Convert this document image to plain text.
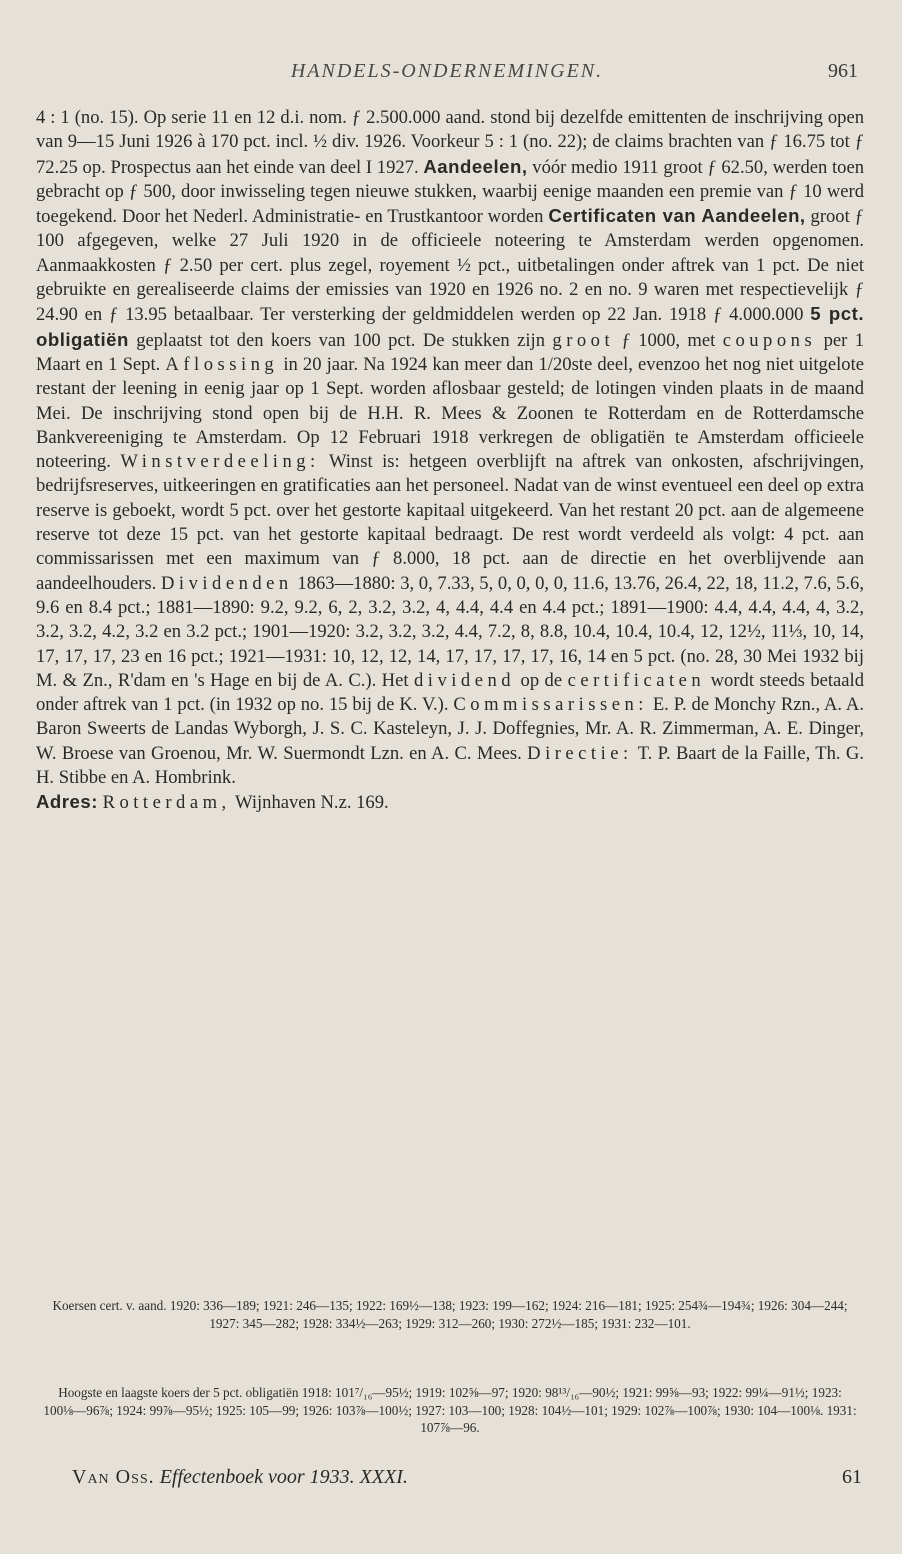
HANDELS-ONDERNEMINGEN.	961

4 : 1 (no. 15). Op serie 11 en 12 d.i. nom. ƒ 2.500.000 aand. stond bij dezelfde emittenten de inschrijving open van 9—15 Juni 1926 à 170 pct. incl. ½ div. 1926. Voorkeur 5 : 1 (no. 22); de claims brachten van ƒ 16.75 tot ƒ 72.25 op. Prospectus aan het einde van deel I 1927. Aandeelen, vóór medio 1911 groot ƒ 62.50, werden toen gebracht op ƒ 500, door inwisseling tegen nieuwe stukken, waarbij eenige maanden een premie van ƒ 10 werd toegekend. Door het Nederl. Administratie- en Trustkantoor worden Certificaten van Aandeelen, groot ƒ 100 afgegeven, welke 27 Juli 1920 in de officieele noteering te Amsterdam werden opgenomen. Aanmaakkosten ƒ 2.50 per cert. plus zegel, royement ½ pct., uitbetalingen onder aftrek van 1 pct. De niet gebruikte en gerealiseerde claims der emissies van 1920 en 1926 no. 2 en no. 9 waren met respectievelijk ƒ 24.90 en ƒ 13.95 betaalbaar. Ter versterking der geldmiddelen werden op 22 Jan. 1918 ƒ 4.000.000 5 pct. obligatiën geplaatst tot den koers van 100 pct. De stukken zijn groot ƒ 1000, met coupons per 1 Maart en 1 Sept. Aflossing in 20 jaar. Na 1924 kan meer dan 1/20ste deel, evenzoo het nog niet uitgelote restant der leening in eenig jaar op 1 Sept. worden aflosbaar gesteld; de lotingen vinden plaats in de maand Mei. De inschrijving stond open bij de H.H. R. Mees & Zoonen te Rotterdam en de Rotterdamsche Bankvereeniging te Amsterdam. Op 12 Februari 1918 verkregen de obligatiën te Amsterdam officieele noteering. Winstverdeeling: Winst is: hetgeen overblijft na aftrek van onkosten, afschrijvingen, bedrijfsreserves, uitkeeringen en gratificaties aan het personeel. Nadat van de winst eventueel een deel op extra reserve is geboekt, wordt 5 pct. over het gestorte kapitaal uitgekeerd. Van het restant 20 pct. aan de algemeene reserve tot deze 15 pct. van het gestorte kapitaal bedraagt. De rest wordt verdeeld als volgt: 4 pct. aan commissarissen met een maximum van ƒ 8.000, 18 pct. aan de directie en het overblijvende aan aandeelhouders. Dividenden 1863—1880: 3, 0, 7.33, 5, 0, 0, 0, 0, 11.6, 13.76, 26.4, 22, 18, 11.2, 7.6, 5.6, 9.6 en 8.4 pct.; 1881—1890: 9.2, 9.2, 6, 2, 3.2, 3.2, 4, 4.4, 4.4 en 4.4 pct.; 1891—1900: 4.4, 4.4, 4.4, 4, 3.2, 3.2, 3.2, 4.2, 3.2 en 3.2 pct.; 1901—1920: 3.2, 3.2, 3.2, 4.4, 7.2, 8, 8.8, 10.4, 10.4, 10.4, 12, 12½, 11⅓, 10, 14, 17, 17, 17, 23 en 16 pct.; 1921—1931: 10, 12, 12, 14, 17, 17, 17, 17, 16, 14 en 5 pct. (no. 28, 30 Mei 1932 bij M. & Zn., R'dam en 's Hage en bij de A. C.). Het dividend op de certificaten wordt steeds betaald onder aftrek van 1 pct. (in 1932 op no. 15 bij de K. V.). Commissarissen: E. P. de Monchy Rzn., A. A. Baron Sweerts de Landas Wyborgh, J. S. C. Kasteleyn, J. J. Doffegnies, Mr. A. R. Zimmerman, A. E. Dinger, W. Broese van Groenou, Mr. W. Suermondt Lzn. en A. C. Mees. Directie: T. P. Baart de la Faille, Th. G. H. Stibbe en A. Hombrink.

Adres: Rotterdam, Wijnhaven N.z. 169.

Koersen cert. v. aand. 1920: 336—189; 1921: 246—135; 1922: 169½—138; 1923: 199—162; 1924: 216—181; 1925: 254¾—194¾; 1926: 304—244; 1927: 345—282; 1928: 334½—263; 1929: 312—260; 1930: 272½—185; 1931: 232—101.
Hoogste en laagste koers der 5 pct. obligatiën 1918: 101⁷/₁₆—95½; 1919: 102⅝—97; 1920: 98¹³/₁₆—90½; 1921: 99⅝—93; 1922: 99¼—91½; 1923: 100⅛—96⅞; 1924: 99⅞—95½; 1925: 105—99; 1926: 103⅞—100½; 1927: 103—100; 1928: 104½—101; 1929: 102⅞—100⅞; 1930: 104—100⅛. 1931: 107⅞—96.
Van Oss. Effectenboek voor 1933. XXXI.	61
